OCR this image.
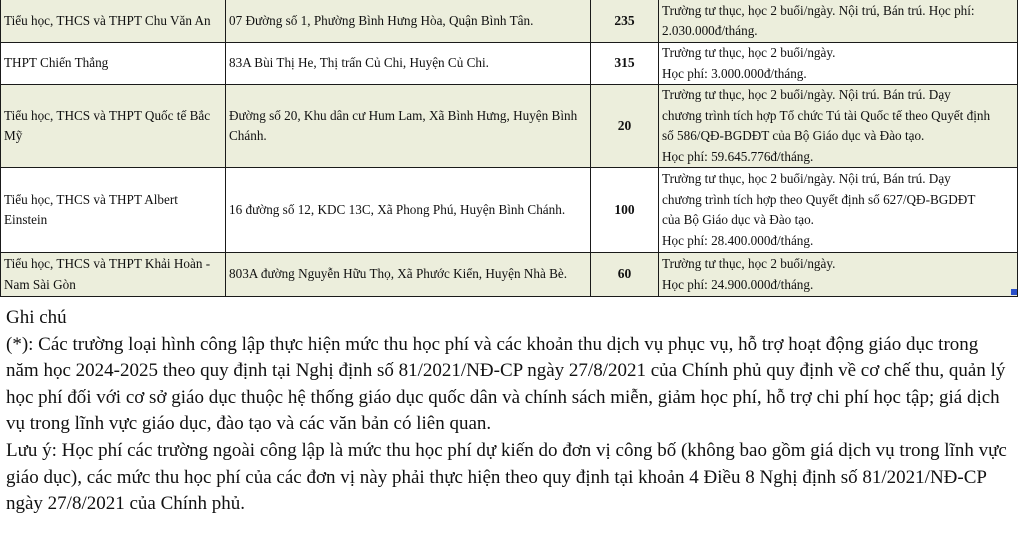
Tiểu học, THCS và THPT Chu Văn An	07 Đường số 1, Phường Bình Hưng Hòa, Quận Bình Tân.	235	Trường tư thục, học 2 buổi/ngày. Nội trú, Bán trú. Học phí:
2.030.000đ/tháng.

THPT Chiến Thắng	83A Bùi Thị He, Thị trấn Củ Chi, Huyện Củ Chi.	315	Trường tư thục, học 2 buổi/ngày.
Học phí: 3.000.000đ/tháng.

Tiểu học, THCS và THPT Quốc tế Bắc Mỹ	Đường số 20, Khu dân cư Hum Lam, Xã Bình Hưng, Huyện Bình Chánh.	20	Trường tư thục, học 2 buổi/ngày. Nội trú. Bán trú. Dạy
chương trình tích hợp Tổ chức Tú tài Quốc tế theo Quyết định
số 586/QĐ-BGDĐT của Bộ Giáo dục và Đào tạo.
Học phí: 59.645.776đ/tháng.

Tiểu học, THCS và THPT Albert Einstein	16 đường số 12, KDC 13C, Xã Phong Phú, Huyện Bình Chánh.	100	Trường tư thục, học 2 buổi/ngày. Nội trú, Bán trú. Dạy
chương trình tích hợp theo Quyết định số 627/QĐ-BGDĐT
của Bộ Giáo dục và Đào tạo.
Học phí: 28.400.000đ/tháng.

Tiểu học, THCS và THPT Khải Hoàn - Nam Sài Gòn	803A đường Nguyễn Hữu Thọ, Xã Phước Kiển, Huyện Nhà Bè.	60	Trường tư thục, học 2 buổi/ngày.
Học phí: 24.900.000đ/tháng.

Ghi chú

(*): Các trường loại hình công lập thực hiện mức thu học phí và các khoản thu dịch vụ phục vụ, hỗ trợ hoạt động giáo dục trong năm học 2024-2025 theo quy định tại Nghị định số 81/2021/NĐ-CP ngày 27/8/2021 của Chính phủ quy định về cơ chế thu, quản lý học phí đối với cơ sở giáo dục thuộc hệ thống giáo dục quốc dân và chính sách miễn, giảm học phí, hỗ trợ chi phí học tập; giá dịch vụ trong lĩnh vực giáo dục, đào tạo và các văn bản có liên quan.

Lưu ý: Học phí các trường ngoài công lập là mức thu học phí dự kiến do đơn vị công bố (không bao gồm giá dịch vụ trong lĩnh vực giáo dục), các mức thu học phí của các đơn vị này phải thực hiện theo quy định tại khoản 4 Điều 8 Nghị định số 81/2021/NĐ-CP ngày 27/8/2021 của Chính phủ.
